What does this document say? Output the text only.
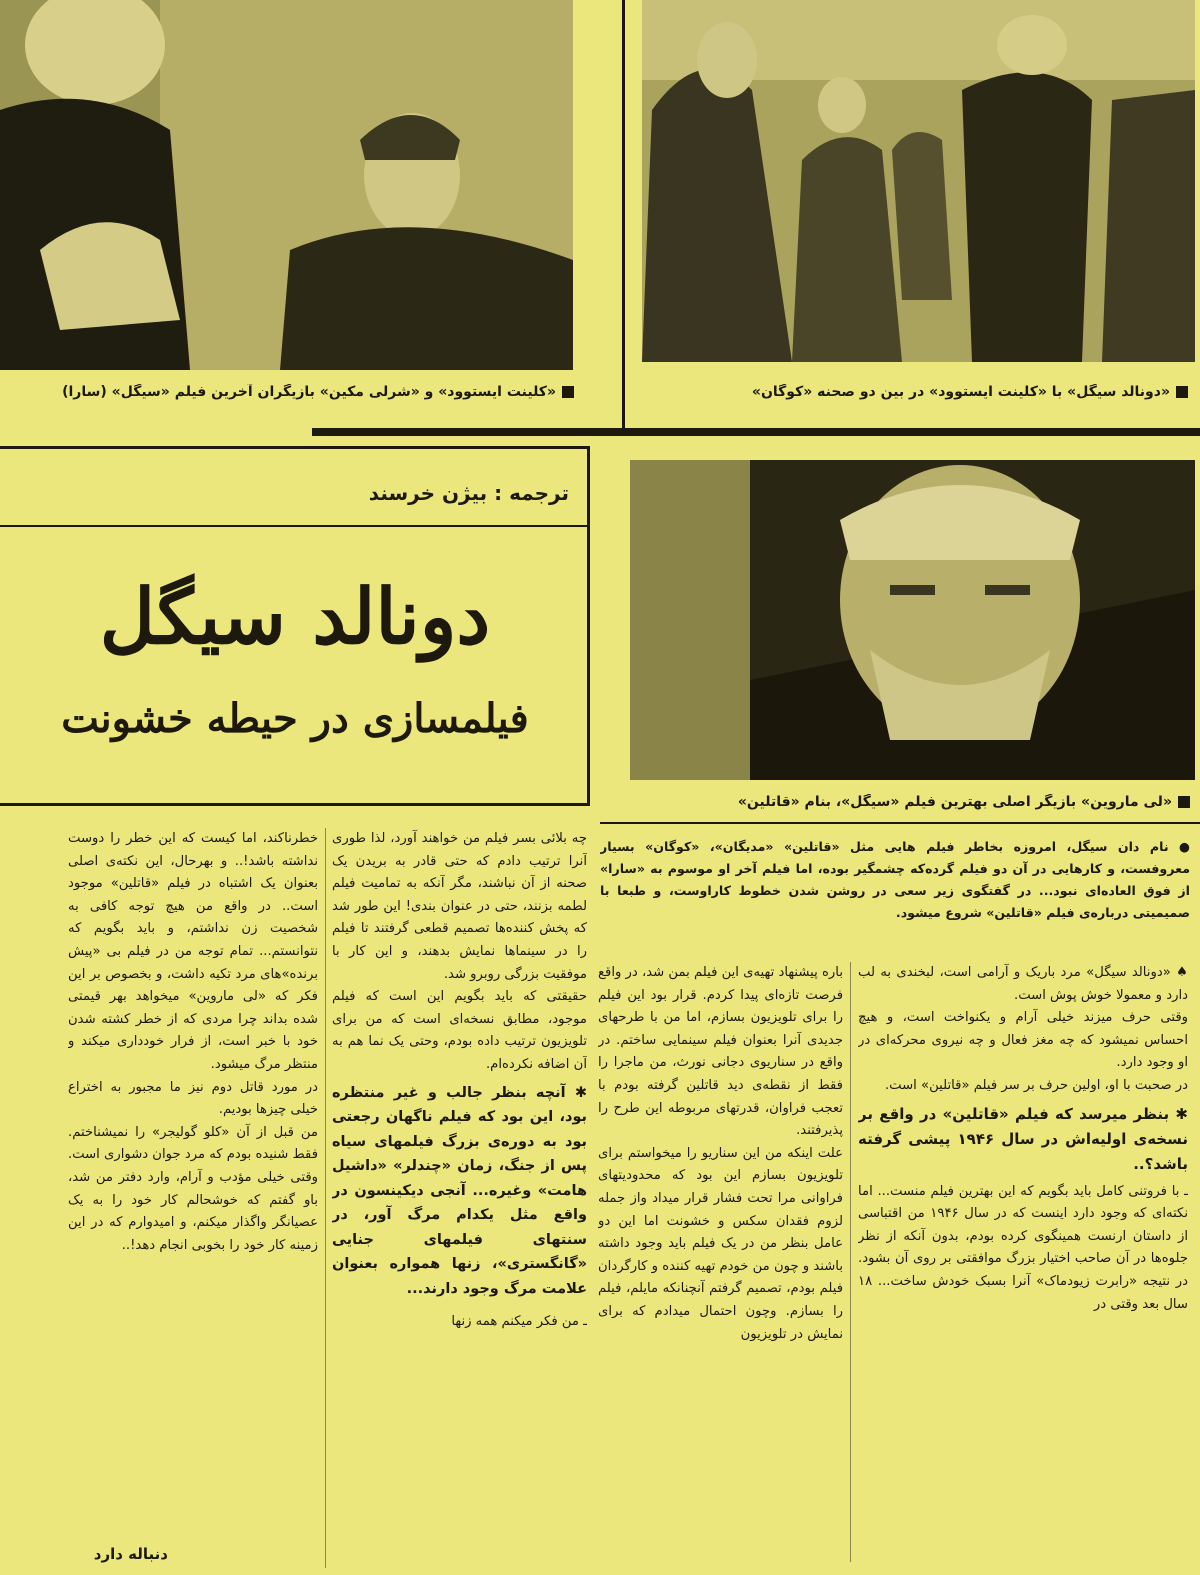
«کلینت ایستوود» و «شرلی مکین» بازیگران آخرین فیلم «سیگل» (سارا)	«دونالد سیگل» با «کلینت ایستوود» در بین دو صحنه «کوگان»
ترجمه : بیژن خرسند
دونالد سیگل
فیلمسازی در حیطه خشونت
«لی ماروین» بازیگر اصلی بهترین فیلم «سیگل»، بنام «قاتلین»
● نام دان سیگل، امروزه بخاطر فیلم هایی مثل «قاتلین» «مدیگان»، «کوگان» بسیار معروفست، و کارهایی در آن دو فیلم گرده‌که چشمگیر بوده، اما فیلم آخر او موسوم به «سارا» از فوق العاده‌ای نبود... در گفتگوی زیر سعی در روشن شدن خطوط کاراوست، و طبعا با صمیمیتی درباره‌ی فیلم «قاتلین» شروع میشود.
♠ «دونالد سیگل» مرد باریک و آرامی است، لبخندی به لب دارد و معمولا خوش پوش است.
وقتی حرف میزند خیلی آرام و یکنواخت است، و هیچ احساس نمیشود که چه مغز فعال و چه نیروی محرکه‌ای در او وجود دارد.
در صحبت با او، اولین حرف بر سر فیلم «قاتلین» است.
✱ بنظر میرسد که فیلم «قاتلین» در واقع بر نسخه‌ی اولیه‌اش در سال ۱۹۴۶ پیشی گرفته باشد؟..
ـ با فروتنی کامل باید بگویم که این بهترین فیلم منست... اما نکته‌ای که وجود دارد اینست که در سال ۱۹۴۶ من اقتباسی از داستان ارنست همینگوی کرده بودم، بدون آنکه از نظر جلوه‌ها در آن صاحب اختیار بزرگ موافقتی بر روی آن بشود. در نتیجه «رابرت زیودماک» آنرا بسبک خودش ساخت... ۱۸ سال بعد وقتی در
باره پیشنهاد تهیه‌ی این فیلم بمن شد، در واقع فرصت تازه‌ای پیدا کردم. قرار بود این فیلم را برای تلویزیون بسازم، اما من با طرحهای جدیدی آنرا بعنوان فیلم سینمایی ساختم. در واقع در سناریوی دجانی نورث، من ماجرا را فقط از نقطه‌ی دید قاتلین گرفته بودم با تعجب فراوان، قدرتهای مربوطه این طرح را پذیرفتند.
علت اینکه من این سناریو را میخواستم برای تلویزیون بسازم این بود که محدودیتهای فراوانی مرا تحت فشار قرار میداد واز جمله لزوم فقدان سکس و خشونت اما این دو عامل بنظر من در یک فیلم باید وجود داشته باشند و چون من خودم تهیه کننده و کارگردان فیلم بودم، تصمیم گرفتم آنچنانکه مایلم، فیلم را بسازم. وچون احتمال میدادم که برای نمایش در تلویزیون
چه بلائی بسر فیلم من خواهند آورد، لذا طوری آنرا ترتیب دادم که حتی قادر به بریدن یک صحنه از آن نباشند، مگر آنکه به تمامیت فیلم لطمه بزنند، حتی در عنوان بندی! این طور شد که پخش کننده‌ها تصمیم قطعی گرفتند تا فیلم را در سینماها نمایش بدهند، و این کار با موفقیت بزرگی روبرو شد.
حقیقتی که باید بگویم این است که فیلم موجود، مطابق نسخه‌ای است که من برای تلویزیون ترتیب داده بودم، وحتی یک نما هم به آن اضافه نکرده‌ام.
✱ آنچه بنظر جالب و غیر منتظره بود، این بود که فیلم ناگهان رجعتی بود به دوره‌ی بزرگ فیلمهای سیاه پس از جنگ، زمان «چندلر» «داشیل هامت» وغیره... آنجی دیکینسون در واقع مثل یکدام مرگ آور، در سنتهای فیلمهای جنایی «گانگستری»، زنها همواره بعنوان علامت مرگ وجود دارند...
ـ من فکر میکنم همه زنها
خطرناکند، اما کیست که این خطر را دوست نداشته باشد!.. و بهرحال، این نکته‌ی اصلی بعنوان یک اشتباه در فیلم «قاتلین» موجود است.. در واقع من هیچ توجه کافی به شخصیت زن نداشتم، و باید بگویم که نتوانستم... تمام توجه من در فیلم بی «پیش برنده»های مرد تکیه داشت، و بخصوص بر این فکر که «لی ماروین» میخواهد بهر قیمتی شده بداند چرا مردی که از خطر کشته شدن خود با خبر است، از فرار خودداری میکند و منتظر مرگ میشود.
در مورد قاتل دوم نیز ما مجبور به اختراع خیلی چیزها بودیم.
من قبل از آن «کلو گولیجر» را نمیشناختم. فقط شنیده بودم که مرد جوان دشواری است. وقتی خیلی مؤدب و آرام، وارد دفتر من شد، باو گفتم که خوشحالم کار خود را به یک عصیانگر واگذار میکنم، و امیدوارم که در این زمینه کار خود را بخوبی انجام دهد!..
دنباله دارد
